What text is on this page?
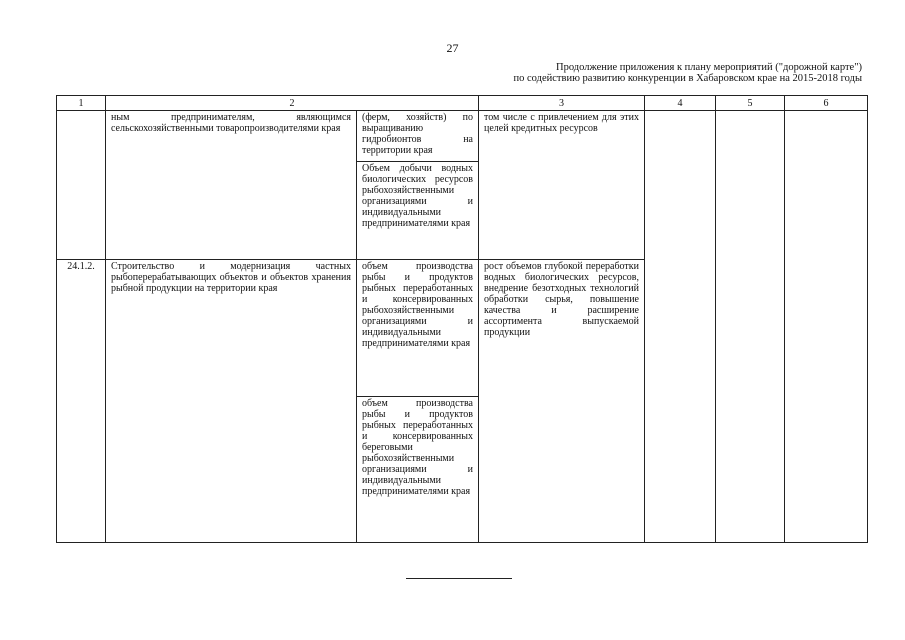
27
Продолжение приложения к плану мероприятий ("дорожной карте")
по содействию развитию конкуренции в Хабаровском крае на 2015-2018 годы
1	2		3	4	5	6
	ным предпринимателям, являющимся сельскохозяйственными товаропроизводителями края	(ферм, хозяйств) по выращиванию гидробионтов на территории края	том числе с привлечением для этих целей кредитных ресурсов			
		Объем добычи водных биологических ресурсов рыбохозяйственными организациями и индивидуальными предпринимателями края				
24.1.2.	Строительство и модернизация частных рыбоперерабатывающих объектов и объектов хранения рыбной продукции на территории края	объем производства рыбы и продуктов рыбных переработанных и консервированных рыбохозяйственными организациями и индивидуальными предпринимателями края	рост объемов глубокой переработки водных биологических ресурсов, внедрение безотходных технологий обработки сырья, повышение качества и расширение ассортимента выпускаемой продукции			
		объем производства рыбы и продуктов рыбных переработанных и консервированных береговыми рыбохозяйственными организациями и индивидуальными предпринимателями края				
